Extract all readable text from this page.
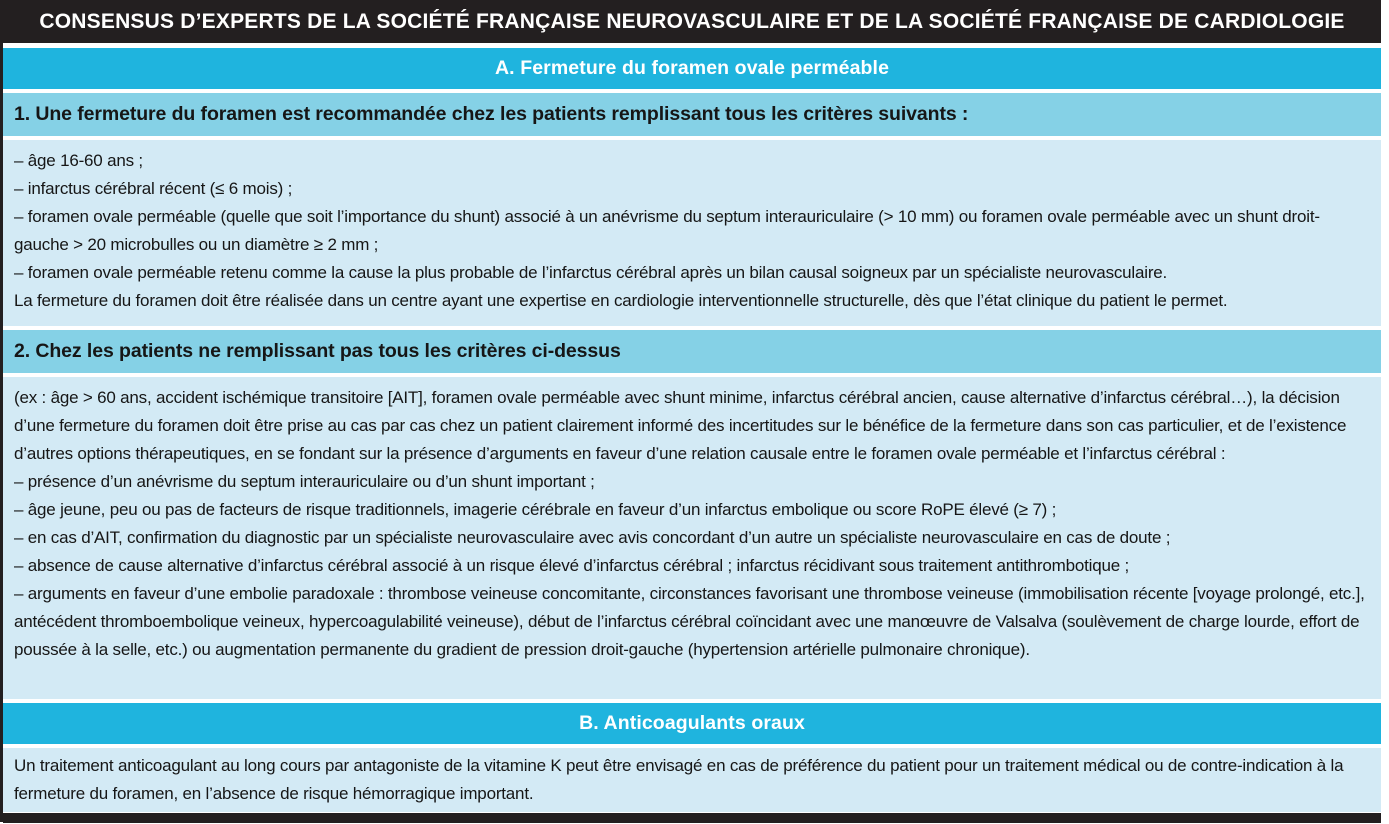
CONSENSUS D’EXPERTS DE LA SOCIÉTÉ FRANÇAISE NEUROVASCULAIRE ET DE LA SOCIÉTÉ FRANÇAISE DE CARDIOLOGIE
A. Fermeture du foramen ovale perméable
1. Une fermeture du foramen est recommandée chez les patients remplissant tous les critères suivants :
– âge 16-60 ans ;
– infarctus cérébral récent (≤ 6 mois) ;
– foramen ovale perméable (quelle que soit l’importance du shunt) associé à un anévrisme du septum interauriculaire (> 10 mm) ou foramen ovale perméable avec un shunt droit-gauche > 20 microbulles ou un diamètre ≥ 2 mm ;
– foramen ovale perméable retenu comme la cause la plus probable de l’infarctus cérébral après un bilan causal soigneux par un spécialiste neurovasculaire.
La fermeture du foramen doit être réalisée dans un centre ayant une expertise en cardiologie interventionnelle structurelle, dès que l’état clinique du patient le permet.
2. Chez les patients ne remplissant pas tous les critères ci-dessus
(ex : âge > 60 ans, accident ischémique transitoire [AIT], foramen ovale perméable avec shunt minime, infarctus cérébral ancien, cause alternative d’infarctus cérébral…), la décision d’une fermeture du foramen doit être prise au cas par cas chez un patient clairement informé des incertitudes sur le bénéfice de la fermeture dans son cas particulier, et de l’existence d’autres options thérapeutiques, en se fondant sur la présence d’arguments en faveur d’une relation causale entre le foramen ovale perméable et l’infarctus cérébral :
– présence d’un anévrisme du septum interauriculaire ou d’un shunt important ;
– âge jeune, peu ou pas de facteurs de risque traditionnels, imagerie cérébrale en faveur d’un infarctus embolique ou score RoPE élevé (≥ 7) ;
– en cas d’AIT, confirmation du diagnostic par un spécialiste neurovasculaire avec avis concordant d’un autre un spécialiste neurovasculaire en cas de doute ;
– absence de cause alternative d’infarctus cérébral associé à un risque élevé d’infarctus cérébral ; infarctus récidivant sous traitement antithrombotique ;
– arguments en faveur d’une embolie paradoxale : thrombose veineuse concomitante, circonstances favorisant une thrombose veineuse (immobilisation récente [voyage prolongé, etc.], antécédent thromboembolique veineux, hypercoagulabilité veineuse), début de l’infarctus cérébral coïncidant avec une manœuvre de Valsalva (soulèvement de charge lourde, effort de poussée à la selle, etc.) ou augmentation permanente du gradient de pression droit-gauche (hypertension artérielle pulmonaire chronique).
B. Anticoagulants oraux
Un traitement anticoagulant au long cours par antagoniste de la vitamine K peut être envisagé en cas de préférence du patient pour un traitement médical ou de contre-indication à la fermeture du foramen, en l’absence de risque hémorragique important.
